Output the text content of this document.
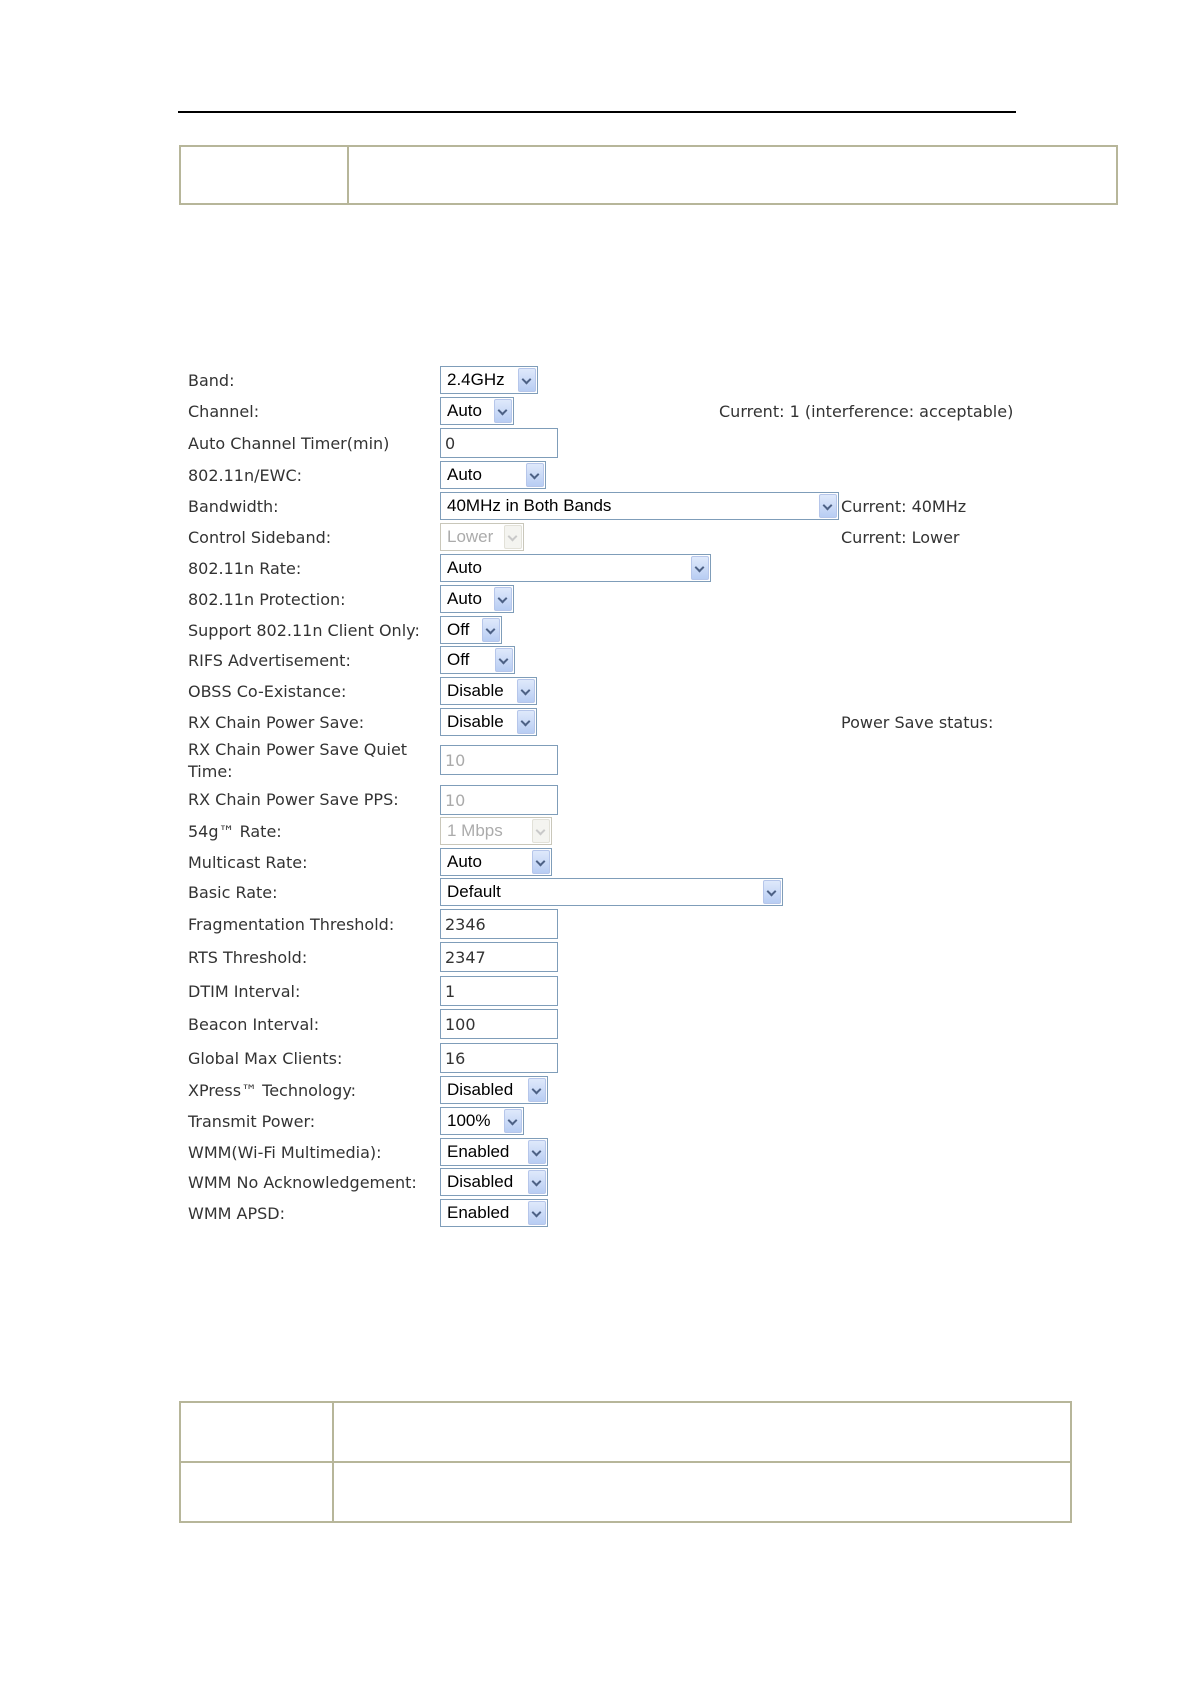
Band:	2.4GHz
Channel:	Auto	Current: 1 (interference: acceptable)
Auto Channel Timer(min)
0
802.11n/EWC:	Auto
Bandwidth:	40MHz in Both Bands	Current: 40MHz
Control Sideband:	Lower	Current: Lower
802.11n Rate:	Auto
802.11n Protection:	Auto
Support 802.11n Client Only:	Off
RIFS Advertisement:	Off
OBSS Co-Existance:	Disable
RX Chain Power Save:	Disable	Power Save status:
RX Chain Power Save Quiet Time:
10
RX Chain Power Save PPS:
10
54g™ Rate:	1 Mbps
Multicast Rate:	Auto
Basic Rate:	Default
Fragmentation Threshold:
2346
RTS Threshold:
2347
DTIM Interval:
1
Beacon Interval:
100
Global Max Clients:
16
XPress™ Technology:	Disabled
Transmit Power:	100%
WMM(Wi-Fi Multimedia):	Enabled
WMM No Acknowledgement:	Disabled
WMM APSD:	Enabled
